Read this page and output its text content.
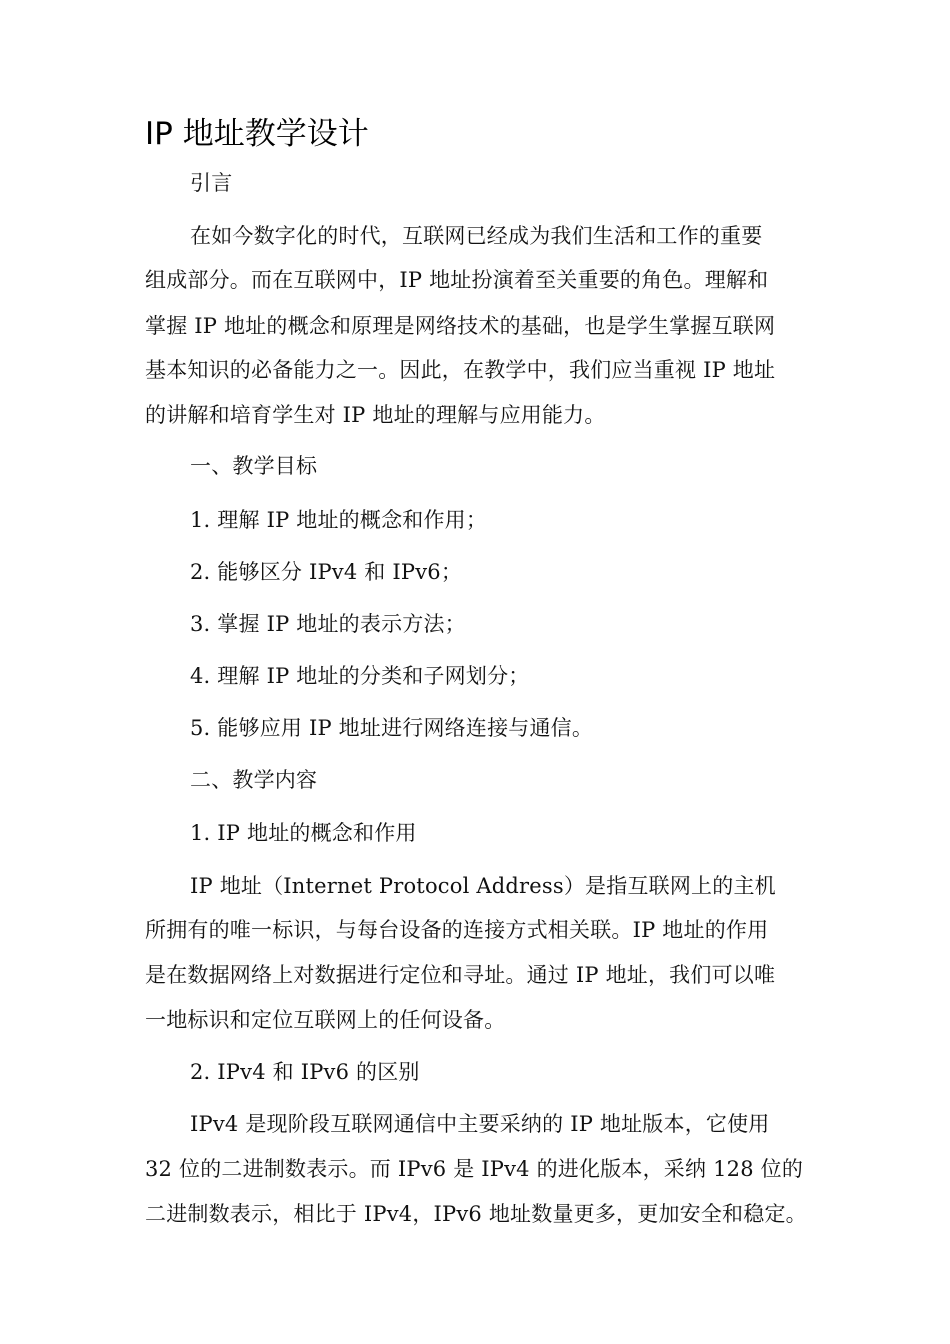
IP 地址教学设计
引言
在如今数字化的时代，互联网已经成为我们生活和工作的重要
组成部分。而在互联网中，IP 地址扮演着至关重要的角色。理解和
掌握 IP 地址的概念和原理是网络技术的基础，也是学生掌握互联网
基本知识的必备能力之一。因此，在教学中，我们应当重视 IP 地址
的讲解和培育学生对 IP 地址的理解与应用能力。
一、教学目标
1. 理解 IP 地址的概念和作用；
2. 能够区分 IPv4 和 IPv6；
3. 掌握 IP 地址的表示方法；
4. 理解 IP 地址的分类和子网划分；
5. 能够应用 IP 地址进行网络连接与通信。
二、教学内容
1. IP 地址的概念和作用
IP 地址（Internet Protocol Address）是指互联网上的主机
所拥有的唯一标识，与每台设备的连接方式相关联。IP 地址的作用
是在数据网络上对数据进行定位和寻址。通过 IP 地址，我们可以唯
一地标识和定位互联网上的任何设备。
2. IPv4 和 IPv6 的区别
IPv4 是现阶段互联网通信中主要采纳的 IP 地址版本，它使用
32 位的二进制数表示。而 IPv6 是 IPv4 的进化版本，采纳 128 位的
二进制数表示，相比于 IPv4，IPv6 地址数量更多，更加安全和稳定。
